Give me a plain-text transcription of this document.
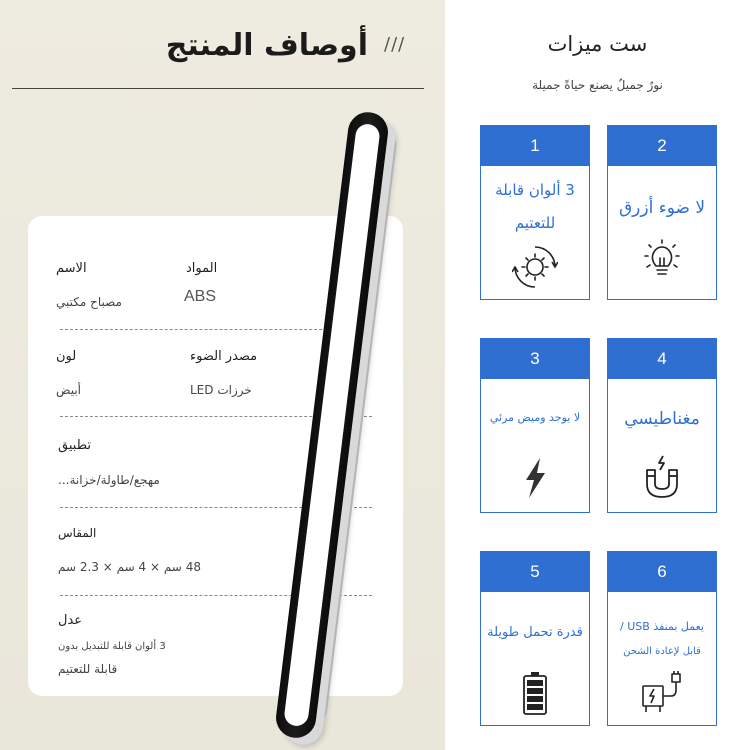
أوصاف المنتج ///
المواد
ABS
الاسم
مصباح مكتبي
مصدر الضوء
خرزات LED
لون
أبيض
تطبيق
مهجع/طاولة/خزانة...
المقاس
48 سم × 4 سم × 2.3 سم
عدل
3 ألوان قابلة للتبديل بدون
قابلة للتعتيم
ست ميزات
نورٌ جميلٌ يصنع حياةً جميلة
1
3 ألوان قابلة
للتعتيم
2
لا ضوء أزرق
3
لا يوجد وميض مرئي
4
مغناطيسي
5
قدرة تحمل طويلة
6
يعمل بمنفذ USB /
قابل لإعادة الشحن
